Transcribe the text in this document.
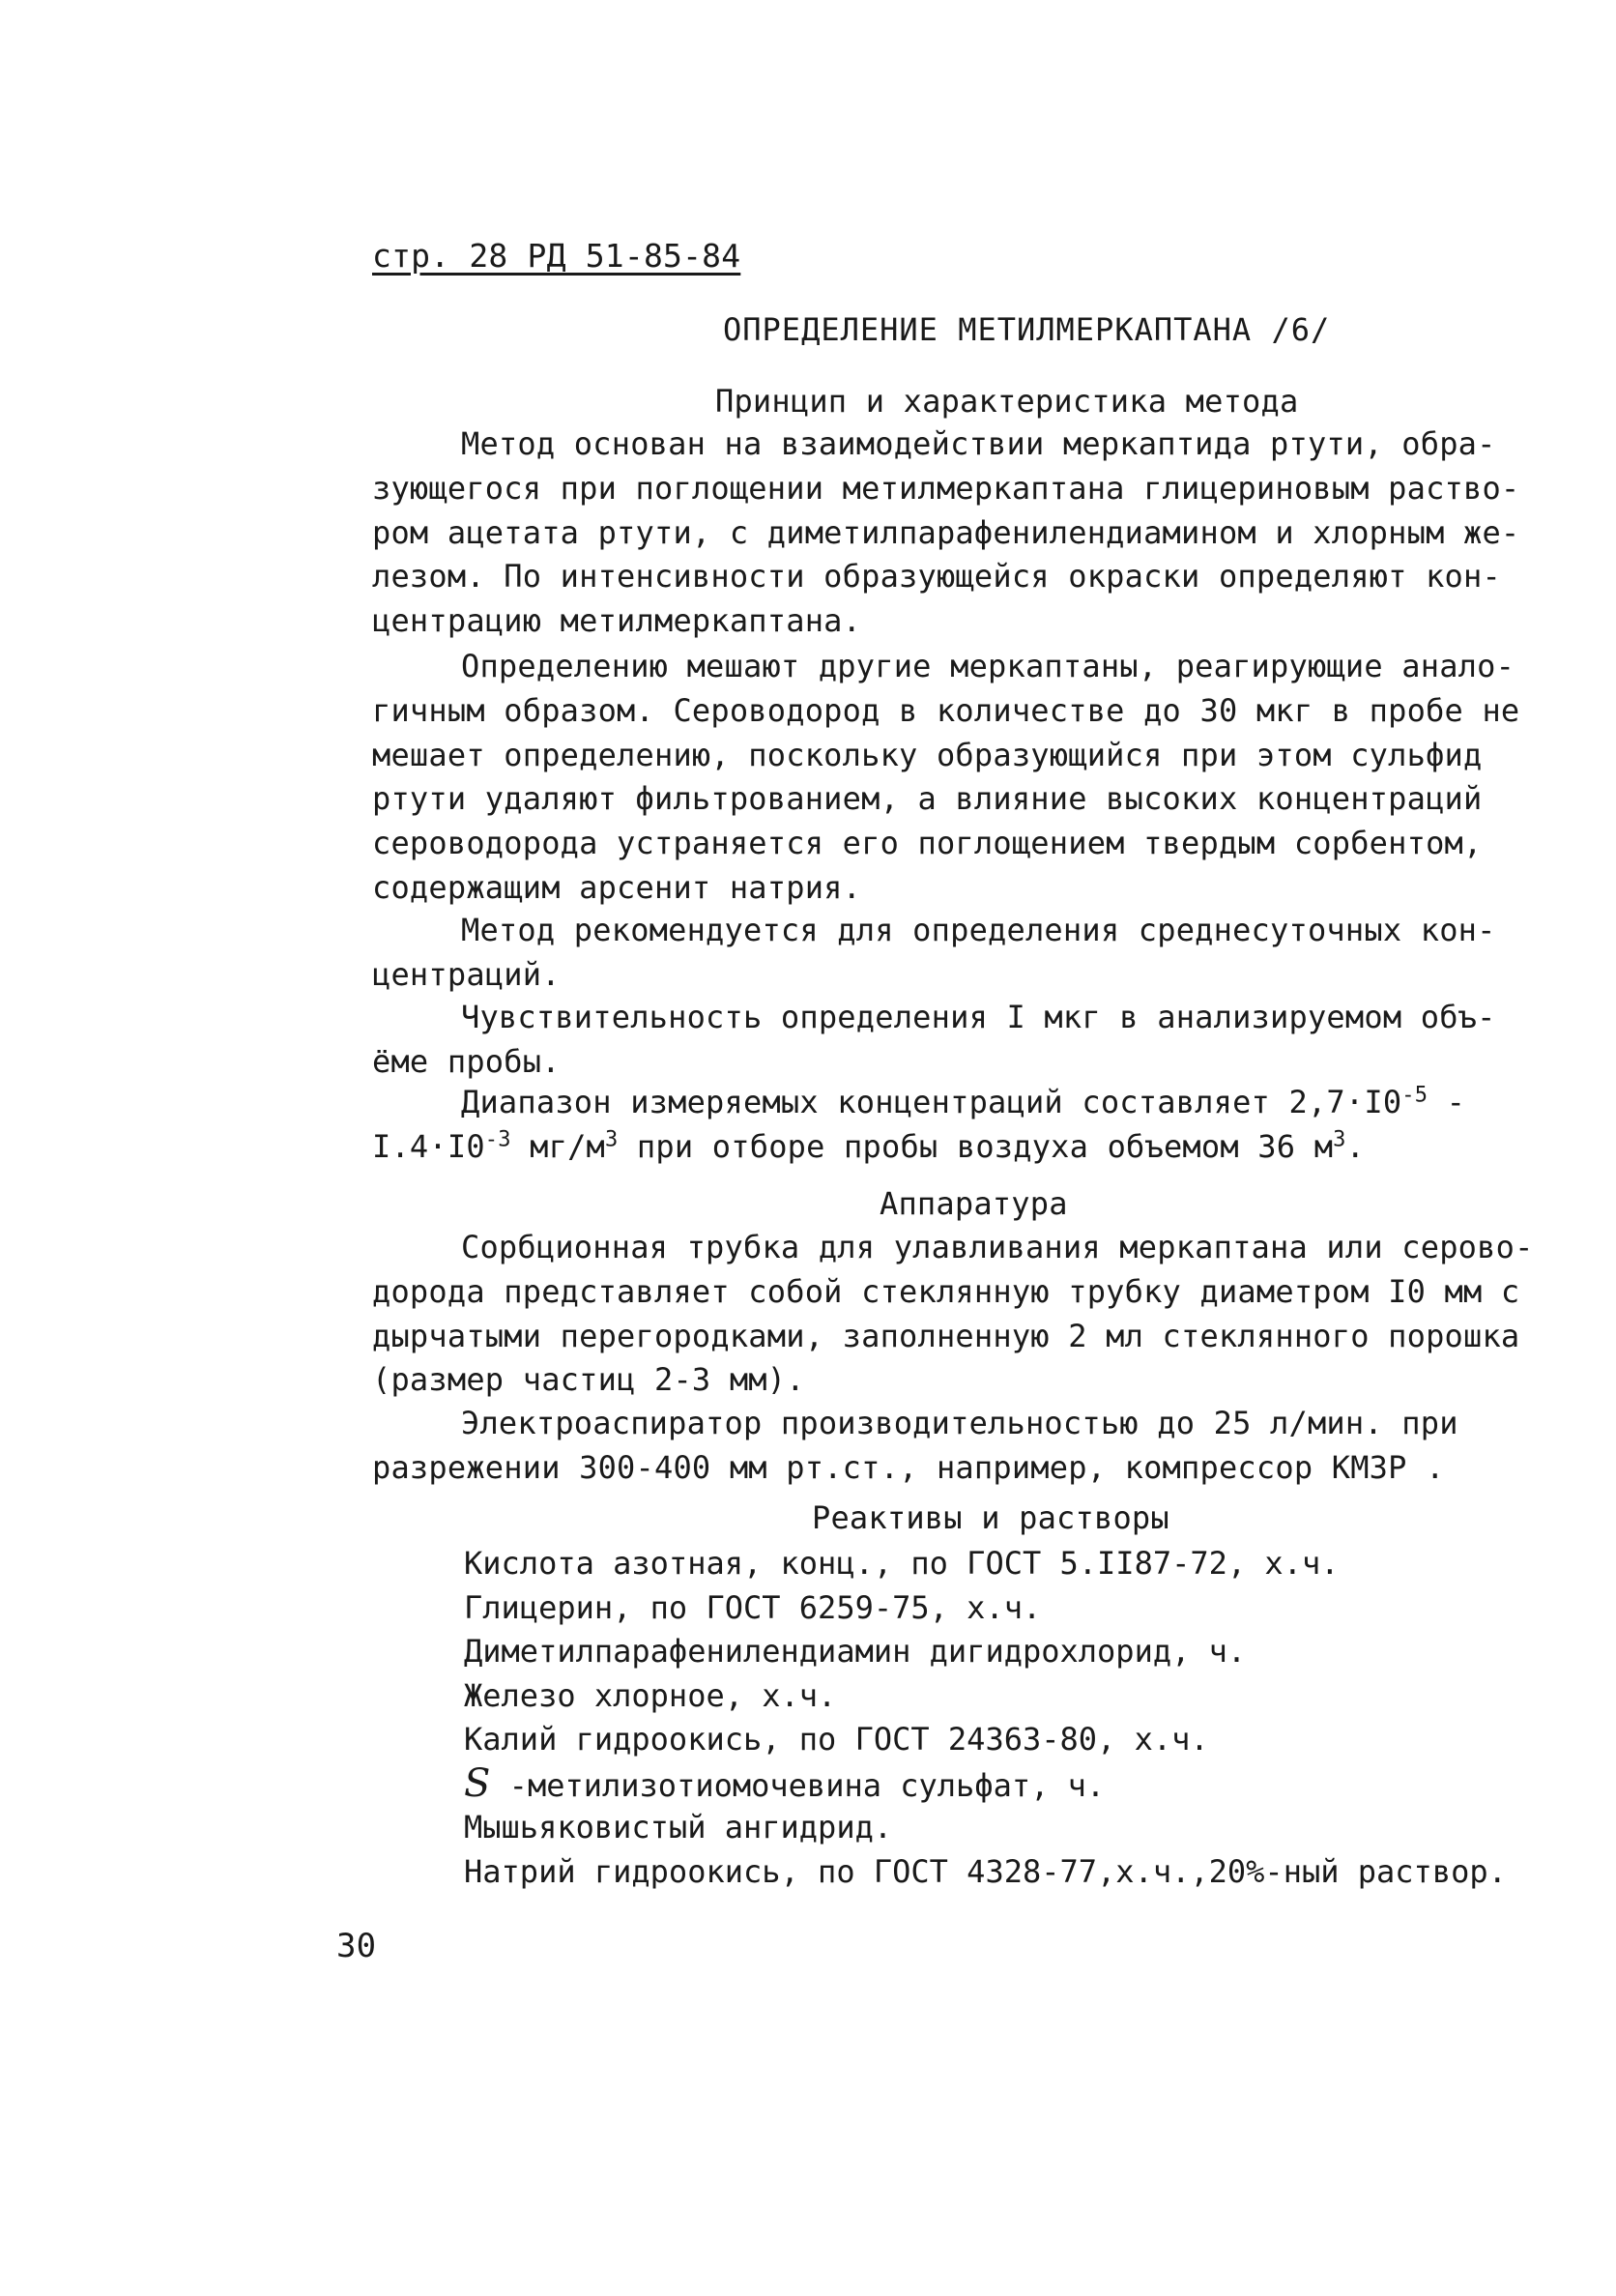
стр. 28 РД 51-85-84
ОПРЕДЕЛЕНИЕ МЕТИЛМЕРКАПТАНА /6/
Принцип и характеристика метода
Метод основан на взаимодействии меркаптида ртути, обра-
зующегося при поглощении метилмеркаптана глицериновым раство-
ром ацетата ртути, с диметилпарафенилендиамином и хлорным же-
лезом. По интенсивности образующейся окраски определяют кон-
центрацию метилмеркаптана.
Определению мешают другие меркаптаны, реагирующие анало-
гичным образом. Сероводород в количестве до 30 мкг в пробе не
мешает определению, поскольку образующийся при этом сульфид
ртути удаляют фильтрованием, а влияние высоких концентраций
сероводорода устраняется его поглощением твердым сорбентом,
содержащим арсенит натрия.
Метод рекомендуется для определения среднесуточных кон-
центраций.
Чувствительность определения I мкг в анализируемом объ-
ёме пробы.
Диапазон измеряемых концентраций составляет $2,7\cdot I0^{-5}$ -
$I.4\cdot I0^{-3}$ $мг/м^3$ при отборе пробы воздуха объемом 36 $м^3$.
Аппаратура
Сорбционная трубка для улавливания меркаптана или серово-
дорода представляет собой стеклянную трубку диаметром I0 мм с
дырчатыми перегородками, заполненную 2 мл стеклянного порошка
(размер частиц 2-3 мм).
Электроаспиратор производительностью до 25 л/мин. при
разрежении 300-400 мм рт.ст., например, компрессор КМЗР .
Реактивы и растворы
Кислота азотная, конц., по ГОСТ 5.II87-72, х.ч.
Глицерин, по ГОСТ 6259-75, х.ч.
Диметилпарафенилендиамин дигидрохлорид, ч.
Железо хлорное, х.ч.
Калий гидроокись, по ГОСТ 24363-80, х.ч.
S -метилизотиомочевина сульфат, ч.
Мышьяковистый ангидрид.
Натрий гидроокись, по ГОСТ 4328-77,х.ч.,20%-ный раствор.
30
